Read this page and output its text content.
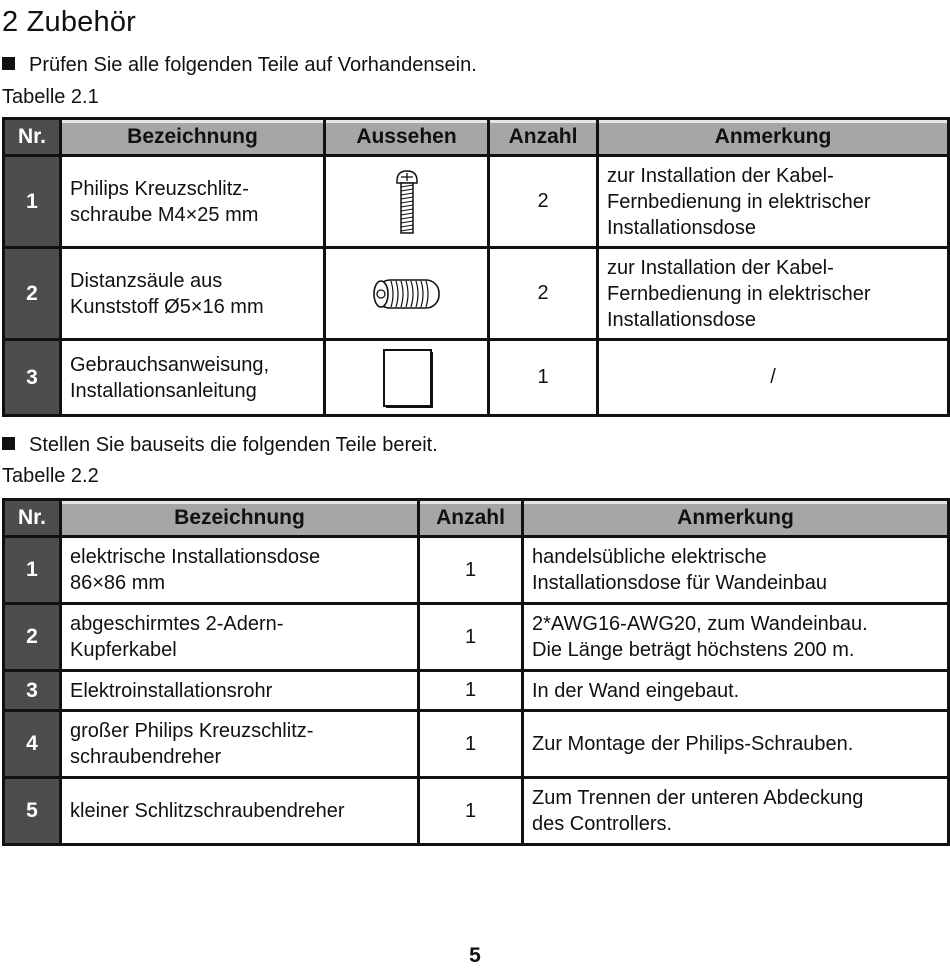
2 Zubehör
Prüfen Sie alle folgenden Teile auf Vorhandensein.
Tabelle 2.1
Nr.	Bezeichnung	Aussehen	Anzahl	Anmerkung
1	Philips Kreuzschlitz-
schraube M4×25 mm		2	zur Installation der Kabel-
Fernbedienung in elektrischer
Installationsdose
2	Distanzsäule aus
Kunststoff Ø5×16 mm		2	zur Installation der Kabel-
Fernbedienung in elektrischer
Installationsdose
3	Gebrauchsanweisung,
Installationsanleitung		1	/
Stellen Sie bauseits die folgenden Teile bereit.
Tabelle 2.2
Nr.	Bezeichnung	Anzahl	Anmerkung
1	elektrische Installationsdose
86×86 mm	1	handelsübliche elektrische
Installationsdose für Wandeinbau
2	abgeschirmtes 2-Adern-
Kupferkabel	1	2*AWG16-AWG20, zum Wandeinbau.
Die Länge beträgt höchstens 200 m.
3	Elektroinstallationsrohr	1	In der Wand eingebaut.
4	großer Philips Kreuzschlitz-
schraubendreher	1	Zur Montage der Philips-Schrauben.
5	kleiner Schlitzschraubendreher	1	Zum Trennen der unteren Abdeckung
des Controllers.
5
